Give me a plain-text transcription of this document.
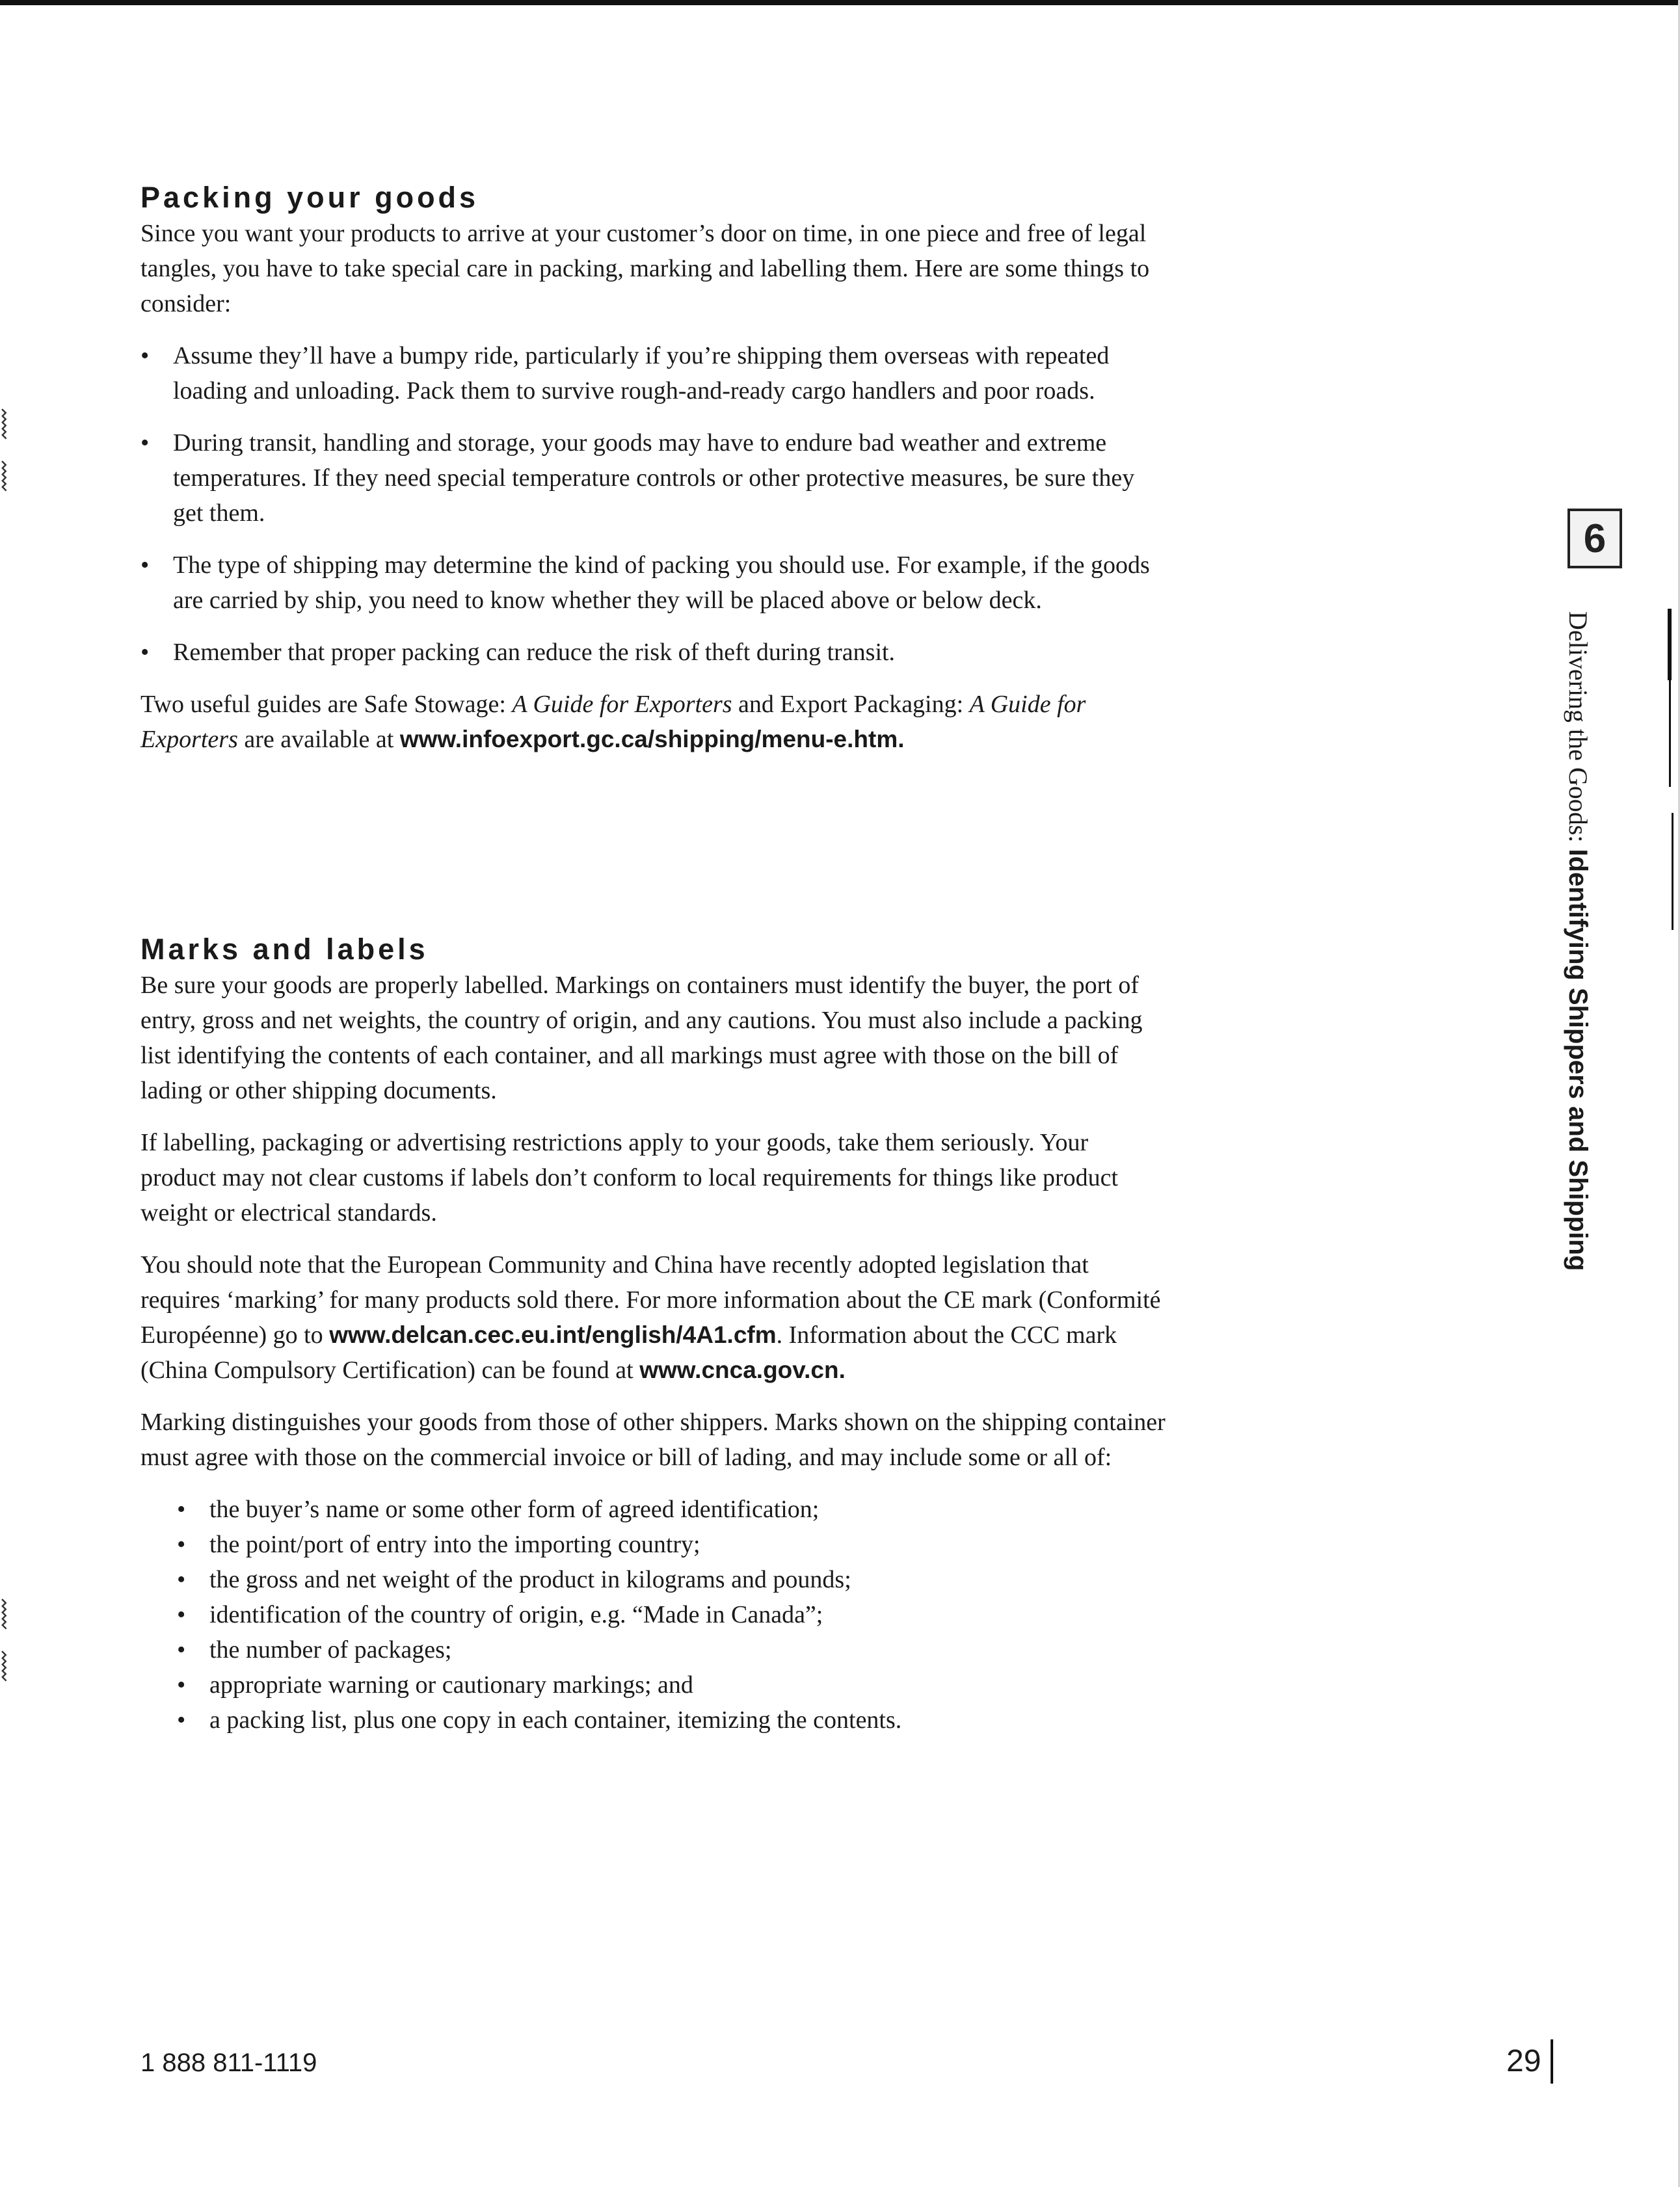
⦚
⦚
⦚
⦚
Packing your goods

Since you want your products to arrive at your customer’s door on time, in one piece and free of legal tangles, you have to take special care in packing, marking and labelling them. Here are some things to consider:

• Assume they’ll have a bumpy ride, particularly if you’re shipping them overseas with repeated loading and unloading. Pack them to survive rough-and-ready cargo handlers and poor roads.
• During transit, handling and storage, your goods may have to endure bad weather and extreme temperatures. If they need special temperature controls or other protective measures, be sure they get them.
• The type of shipping may determine the kind of packing you should use. For example, if the goods are carried by ship, you need to know whether they will be placed above or below deck.
• Remember that proper packing can reduce the risk of theft during transit.

Two useful guides are Safe Stowage: A Guide for Exporters and Export Packaging: A Guide for Exporters are available at www.infoexport.gc.ca/shipping/menu-e.htm.

Marks and labels

Be sure your goods are properly labelled. Markings on containers must identify the buyer, the port of entry, gross and net weights, the country of origin, and any cautions. You must also include a packing list identifying the contents of each container, and all markings must agree with those on the bill of lading or other shipping documents.

If labelling, packaging or advertising restrictions apply to your goods, take them seriously. Your product may not clear customs if labels don’t conform to local requirements for things like product weight or electrical standards.

You should note that the European Community and China have recently adopted legislation that requires ‘marking’ for many products sold there. For more information about the CE mark (Conformité Européenne) go to www.delcan.cec.eu.int/english/4A1.cfm. Information about the CCC mark (China Compulsory Certification) can be found at www.cnca.gov.cn.

Marking distinguishes your goods from those of other shippers. Marks shown on the shipping container must agree with those on the commercial invoice or bill of lading, and may include some or all of:

• the buyer’s name or some other form of agreed identification;
• the point/port of entry into the importing country;
• the gross and net weight of the product in kilograms and pounds;
• identification of the country of origin, e.g. “Made in Canada”;
• the number of packages;
• appropriate warning or cautionary markings; and
• a packing list, plus one copy in each container, itemizing the contents.
6
Delivering the Goods: Identifying Shippers and Shipping
1 888 811-1119	29
